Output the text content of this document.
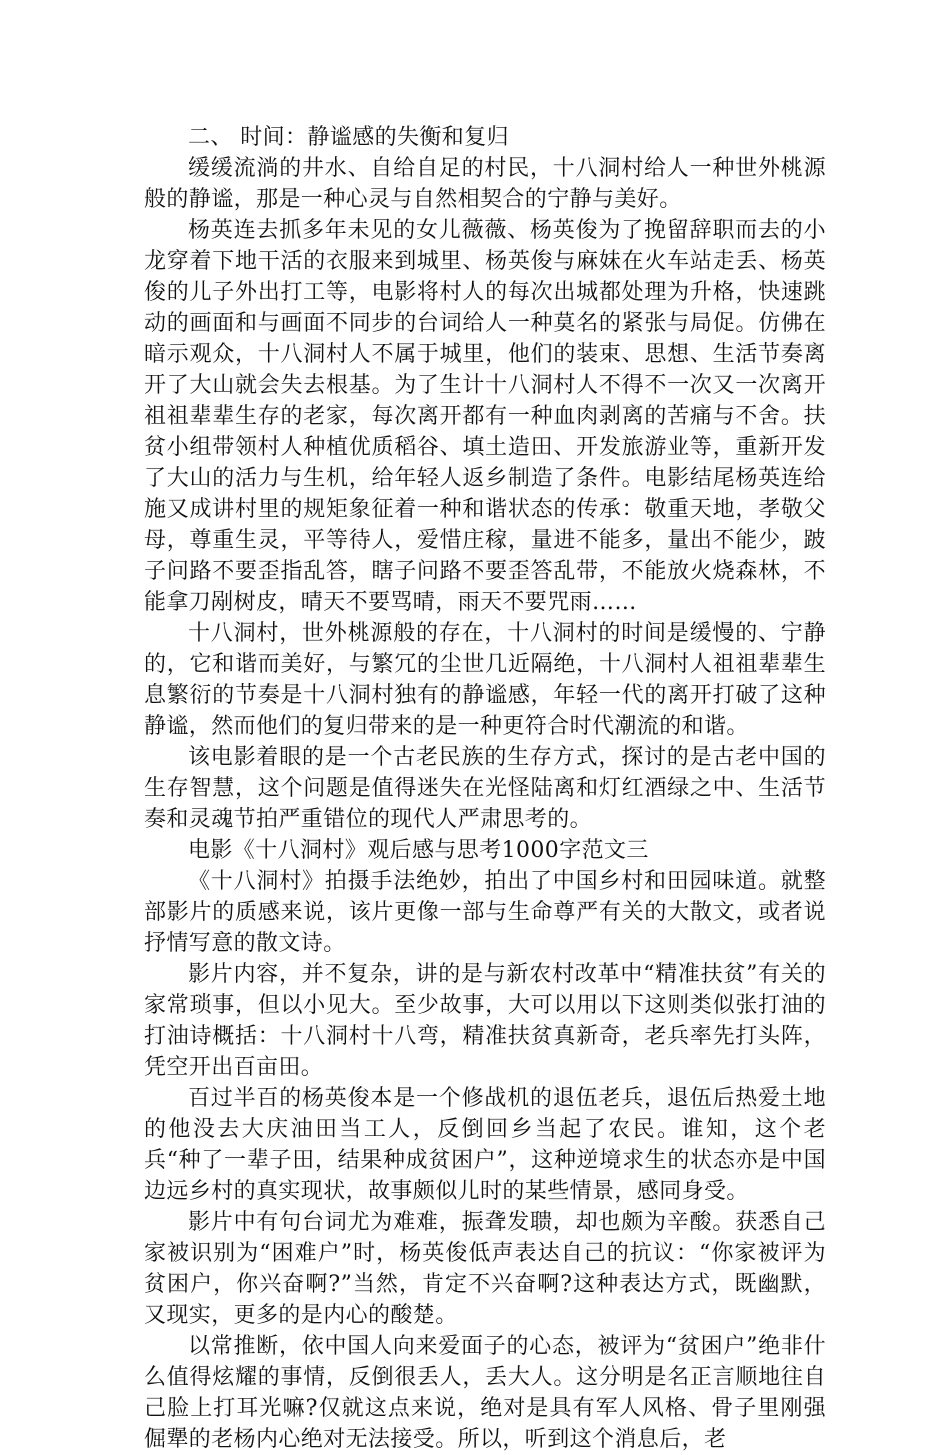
二、 时间：静谧感的失衡和复归

缓缓流淌的井水、自给自足的村民，十八洞村给人一种世外桃源般的静谧，那是一种心灵与自然相契合的宁静与美好。

杨英连去抓多年未见的女儿薇薇、杨英俊为了挽留辞职而去的小龙穿着下地干活的衣服来到城里、杨英俊与麻妹在火车站走丢、杨英俊的儿子外出打工等，电影将村人的每次出城都处理为升格，快速跳动的画面和与画面不同步的台词给人一种莫名的紧张与局促。仿佛在暗示观众，十八洞村人不属于城里，他们的装束、思想、生活节奏离开了大山就会失去根基。为了生计十八洞村人不得不一次又一次离开祖祖辈辈生存的老家，每次离开都有一种血肉剥离的苦痛与不舍。扶贫小组带领村人种植优质稻谷、填土造田、开发旅游业等，重新开发了大山的活力与生机，给年轻人返乡制造了条件。电影结尾杨英连给施又成讲村里的规矩象征着一种和谐状态的传承：敬重天地，孝敬父母，尊重生灵，平等待人，爱惜庄稼，量进不能多，量出不能少，跛子问路不要歪指乱答，瞎子问路不要歪答乱带，不能放火烧森林，不能拿刀剐树皮，晴天不要骂晴，雨天不要咒雨……

十八洞村，世外桃源般的存在，十八洞村的时间是缓慢的、宁静的，它和谐而美好，与繁冗的尘世几近隔绝，十八洞村人祖祖辈辈生息繁衍的节奏是十八洞村独有的静谧感，年轻一代的离开打破了这种静谧，然而他们的复归带来的是一种更符合时代潮流的和谐。

该电影着眼的是一个古老民族的生存方式，探讨的是古老中国的生存智慧，这个问题是值得迷失在光怪陆离和灯红酒绿之中、生活节奏和灵魂节拍严重错位的现代人严肃思考的。

电影《十八洞村》观后感与思考1000字范文三

《十八洞村》拍摄手法绝妙，拍出了中国乡村和田园味道。就整部影片的质感来说，该片更像一部与生命尊严有关的大散文，或者说抒情写意的散文诗。

影片内容，并不复杂，讲的是与新农村改革中“精准扶贫”有关的家常琐事，但以小见大。至少故事，大可以用以下这则类似张打油的打油诗概括：十八洞村十八弯，精准扶贫真新奇，老兵率先打头阵，凭空开出百亩田。

百过半百的杨英俊本是一个修战机的退伍老兵，退伍后热爱土地的他没去大庆油田当工人，反倒回乡当起了农民。谁知，这个老兵“种了一辈子田，结果种成贫困户”，这种逆境求生的状态亦是中国边远乡村的真实现状，故事颇似儿时的某些情景，感同身受。

影片中有句台词尤为难难，振聋发聩，却也颇为辛酸。获悉自己家被识别为“困难户”时，杨英俊低声表达自己的抗议：“你家被评为贫困户，你兴奋啊?”当然，肯定不兴奋啊?这种表达方式，既幽默，又现实，更多的是内心的酸楚。

以常推断，依中国人向来爱面子的心态，被评为“贫困户”绝非什么值得炫耀的事情，反倒很丢人，丢大人。这分明是名正言顺地往自己脸上打耳光嘛?仅就这点来说，绝对是具有军人风格、骨子里刚强倔犟的老杨内心绝对无法接受。所以，听到这个消息后，老
